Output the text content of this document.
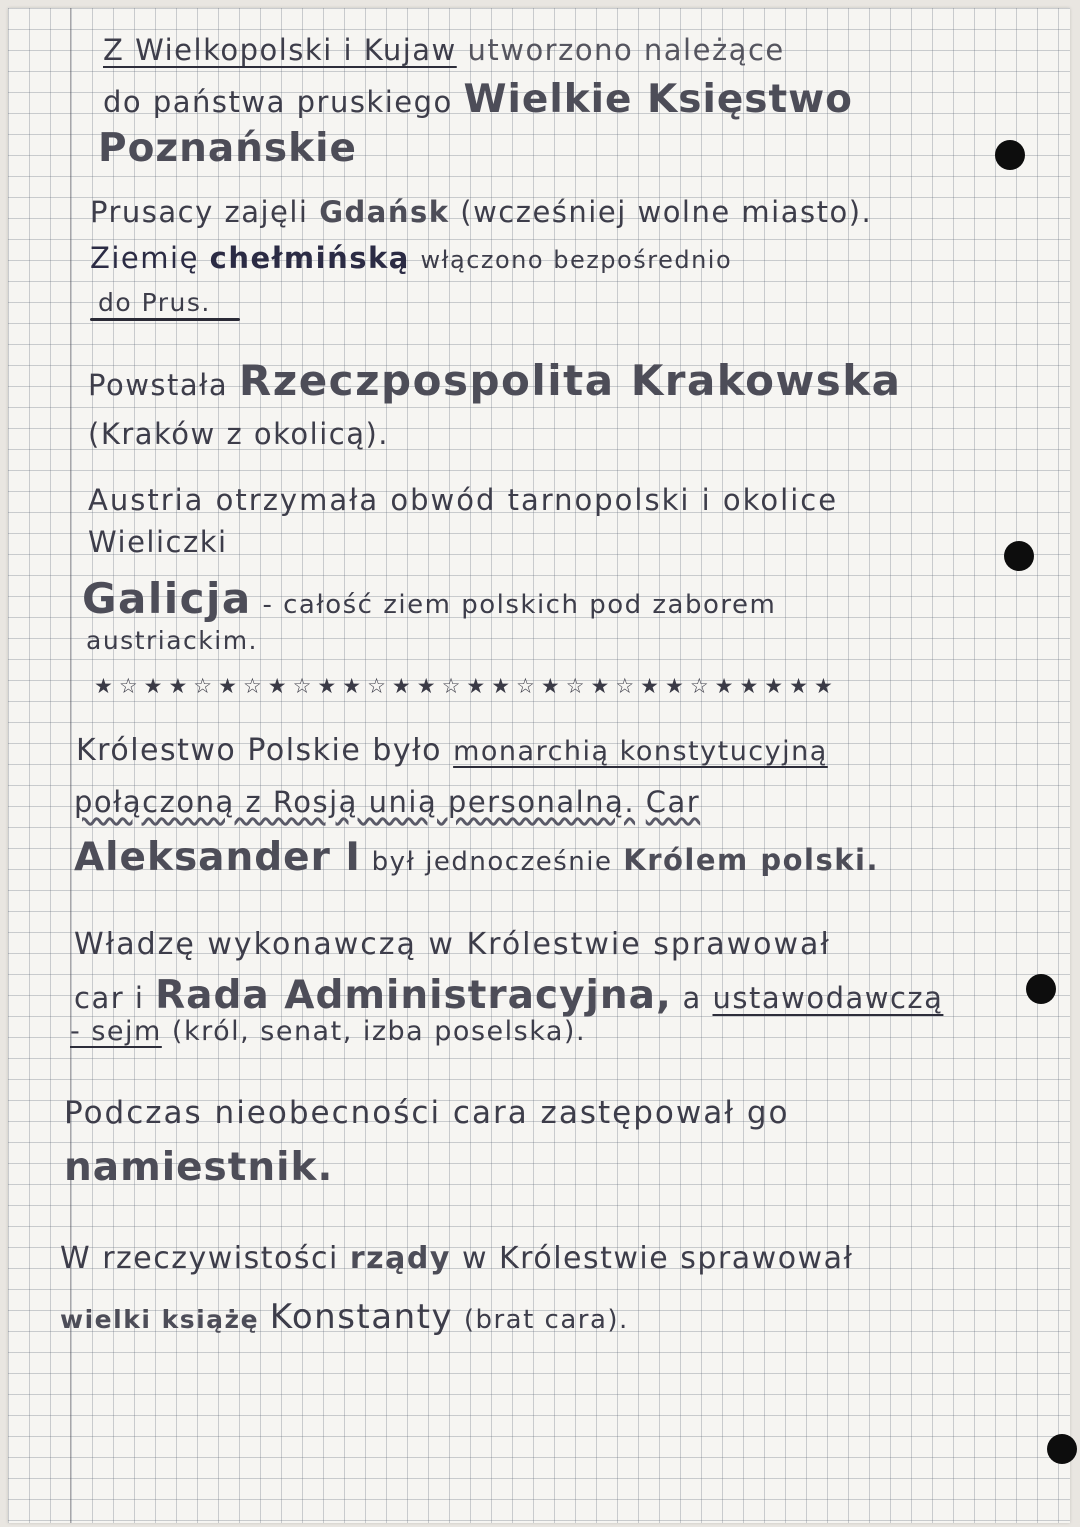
Z Wielkopolski i Kujaw utworzono należące

do państwa pruskiego Wielkie Księstwo

Poznańskie

Prusacy zajęli Gdańsk (wcześniej wolne miasto).

Ziemię chełmińską włączono bezpośrednio

do Prus.

Powstała Rzeczpospolita Krakowska

(Kraków z okolicą).

Austria otrzymała obwód tarnopolski i okolice

Wieliczki

Galicja - całość ziem polskich pod zaborem

austriackim.

★☆★★☆★☆★☆★★☆★★☆★★☆★☆★☆★★☆★★★★★

Królestwo Polskie było monarchią konstytucyjną

połączoną z Rosją unią personalną. Car

Aleksander I był jednocześnie Królem polski.

Władzę wykonawczą w Królestwie sprawował

car i Rada Administracyjna, a ustawodawczą

- sejm (król, senat, izba poselska).

Podczas nieobecności cara zastępował go

namiestnik.

W rzeczywistości rządy w Królestwie sprawował

wielki książę Konstanty (brat cara).
